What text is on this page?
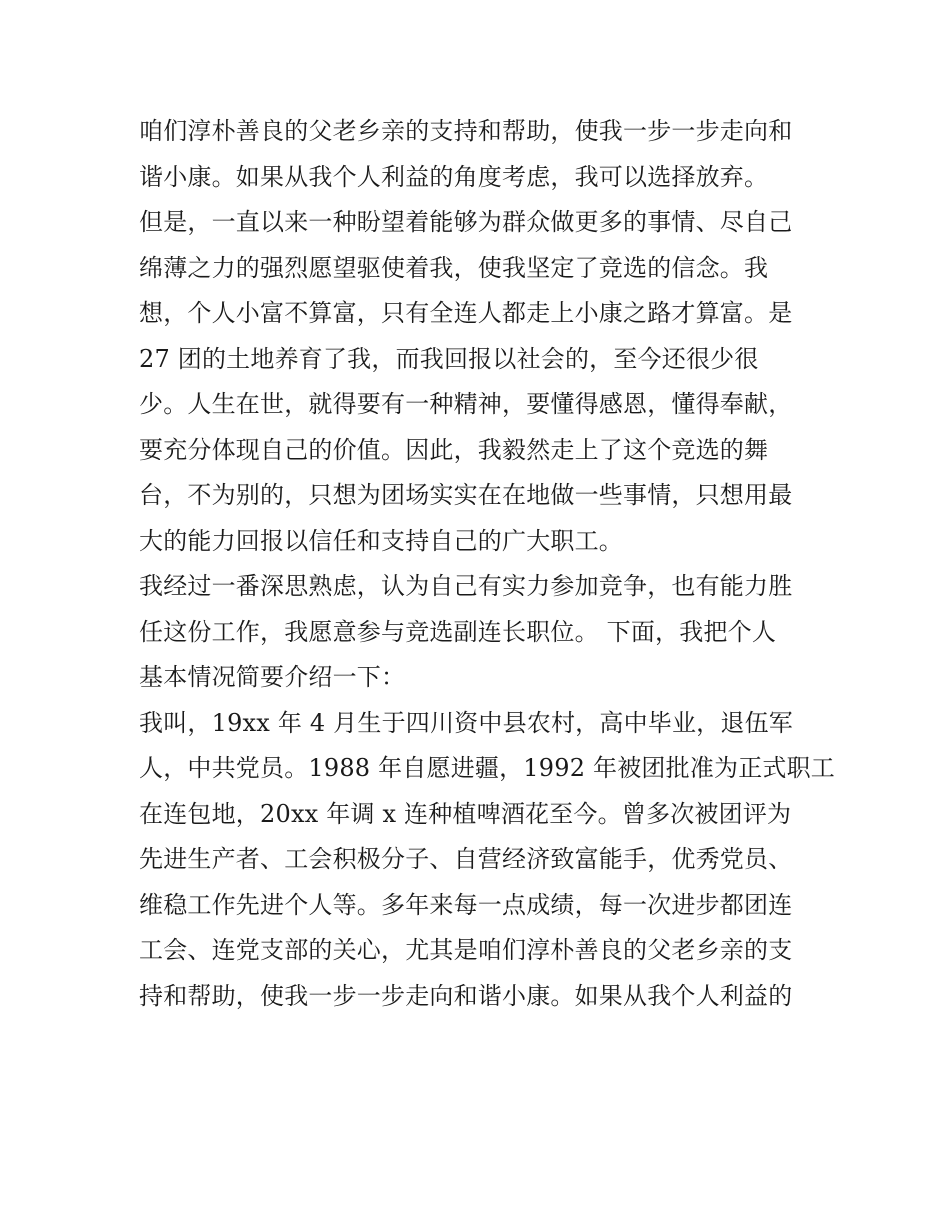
咱们淳朴善良的父老乡亲的支持和帮助，使我一步一步走向和
谐小康。如果从我个人利益的角度考虑，我可以选择放弃。
但是，一直以来一种盼望着能够为群众做更多的事情、尽自己
绵薄之力的强烈愿望驱使着我，使我坚定了竞选的信念。我
想，个人小富不算富，只有全连人都走上小康之路才算富。是
27 团的土地养育了我，而我回报以社会的，至今还很少很
少。人生在世，就得要有一种精神，要懂得感恩，懂得奉献，
要充分体现自己的价值。因此，我毅然走上了这个竞选的舞
台，不为别的，只想为团场实实在在地做一些事情，只想用最
大的能力回报以信任和支持自己的广大职工。
我经过一番深思熟虑，认为自己有实力参加竞争，也有能力胜
任这份工作，我愿意参与竞选副连长职位。 下面，我把个人
基本情况简要介绍一下：
我叫，19xx 年 4 月生于四川资中县农村，高中毕业，退伍军
人，中共党员。1988 年自愿进疆，1992 年被团批准为正式职工
在连包地，20xx 年调 x 连种植啤酒花至今。曾多次被团评为
先进生产者、工会积极分子、自营经济致富能手，优秀党员、
维稳工作先进个人等。多年来每一点成绩，每一次进步都团连
工会、连党支部的关心，尤其是咱们淳朴善良的父老乡亲的支
持和帮助，使我一步一步走向和谐小康。如果从我个人利益的
